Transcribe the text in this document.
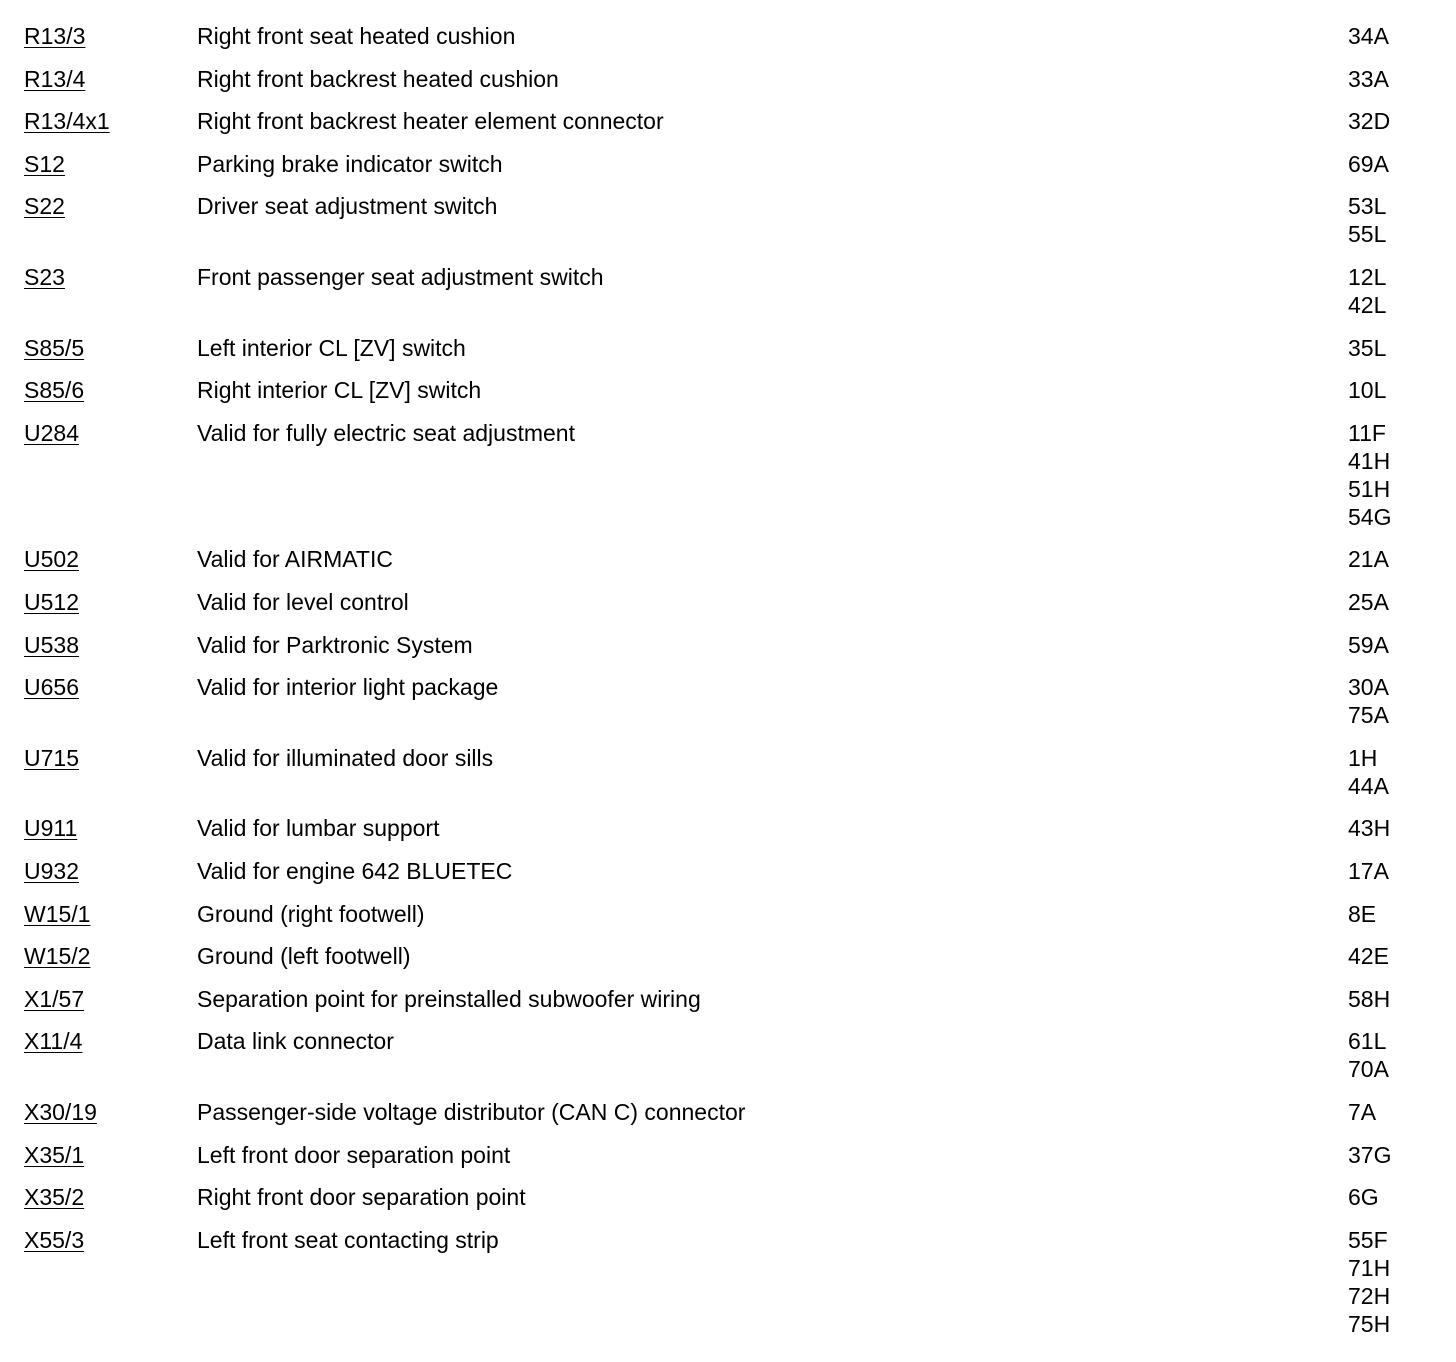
R13/3	Right front seat heated cushion	34A
R13/4	Right front backrest heated cushion	33A
R13/4x1	Right front backrest heater element connector	32D
S12	Parking brake indicator switch	69A
S22	Driver seat adjustment switch	53L
55L
S23	Front passenger seat adjustment switch	12L
42L
S85/5	Left interior CL [ZV] switch	35L
S85/6	Right interior CL [ZV] switch	10L
U284	Valid for fully electric seat adjustment	11F
41H
51H
54G
U502	Valid for AIRMATIC	21A
U512	Valid for level control	25A
U538	Valid for Parktronic System	59A
U656	Valid for interior light package	30A
75A
U715	Valid for illuminated door sills	1H
44A
U911	Valid for lumbar support	43H
U932	Valid for engine 642 BLUETEC	17A
W15/1	Ground (right footwell)	8E
W15/2	Ground (left footwell)	42E
X1/57	Separation point for preinstalled subwoofer wiring	58H
X11/4	Data link connector	61L
70A
X30/19	Passenger-side voltage distributor (CAN C) connector	7A
X35/1	Left front door separation point	37G
X35/2	Right front door separation point	6G
X55/3	Left front seat contacting strip	55F
71H
72H
75H
